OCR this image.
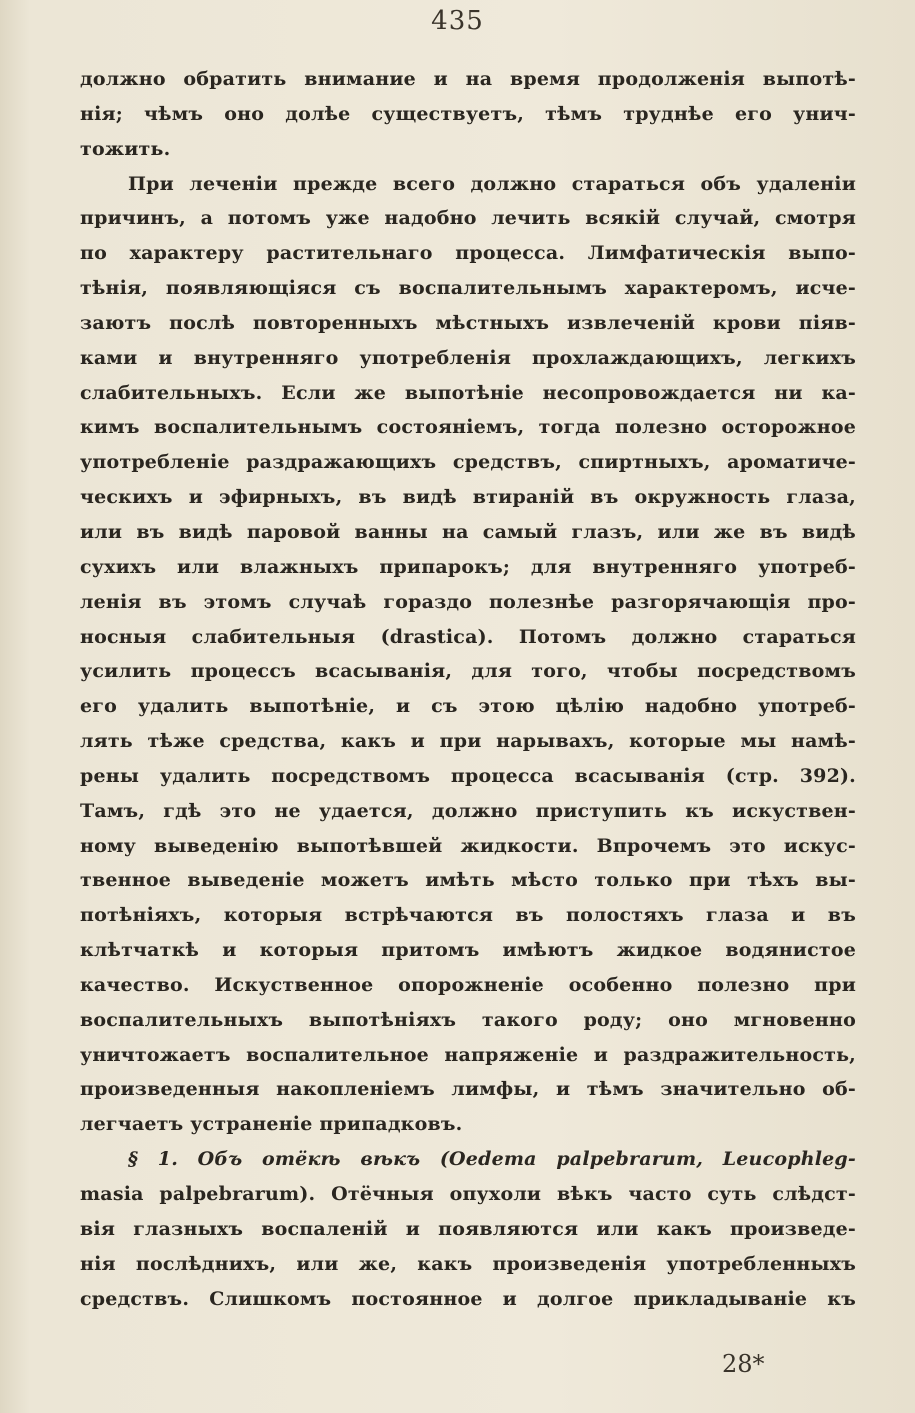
435
должно обратить внимание и на время продолженія выпотѣ-
нія; чѣмъ оно долѣе существуетъ, тѣмъ труднѣе его унич-
тожить.
При леченіи прежде всего должно стараться объ удаленіи
причинъ, а потомъ уже надобно лечить всякій случай, смотря
по характеру растительнаго процесса. Лимфатическія выпо-
тѣнія, появляющіяся съ воспалительнымъ характеромъ, исче-
заютъ послѣ повторенныхъ мѣстныхъ извлеченій крови піяв-
ками и внутренняго употребленія прохлаждающихъ, легкихъ
слабительныхъ. Если же выпотѣніе несопровождается ни ка-
кимъ воспалительнымъ состояніемъ, тогда полезно осторожное
употребленіе раздражающихъ средствъ, спиртныхъ, ароматиче-
ческихъ и эфирныхъ, въ видѣ втираній въ окружность глаза,
или въ видѣ паровой ванны на самый глазъ, или же въ видѣ
сухихъ или влажныхъ припарокъ; для внутренняго употреб-
ленія въ этомъ случаѣ гораздо полезнѣе разгорячающія про-
носныя слабительныя (drastica). Потомъ должно стараться
усилить процессъ всасыванія, для того, чтобы посредствомъ
его удалить выпотѣніе, и съ этою цѣлію надобно употреб-
лять тѣже средства, какъ и при нарывахъ, которые мы намѣ-
рены удалить посредствомъ процесса всасыванія (стр. 392).
Тамъ, гдѣ это не удается, должно приступить къ искуствен-
ному выведенію выпотѣвшей жидкости. Впрочемъ это искус-
твенное выведеніе можетъ имѣть мѣсто только при тѣхъ вы-
потѣніяхъ, которыя встрѣчаются въ полостяхъ глаза и въ
клѣтчаткѣ и которыя притомъ имѣютъ жидкое водянистое
качество. Искуственное опорожненіе особенно полезно при
воспалительныхъ выпотѣніяхъ такого роду; оно мгновенно
уничтожаетъ воспалительное напряженіе и раздражительность,
произведенныя накопленіемъ лимфы, и тѣмъ значительно об-
легчаетъ устраненіе припадковъ.
§ 1. Объ отёкѣ вѣкъ (Oedema palpebrarum, Leucophleg-
masia palpebrarum). Отёчныя опухоли вѣкъ часто суть слѣдст-
вія глазныхъ воспаленій и появляются или какъ произведе-
нія послѣднихъ, или же, какъ произведенія употребленныхъ
средствъ. Слишкомъ постоянное и долгое прикладываніе къ
28*
